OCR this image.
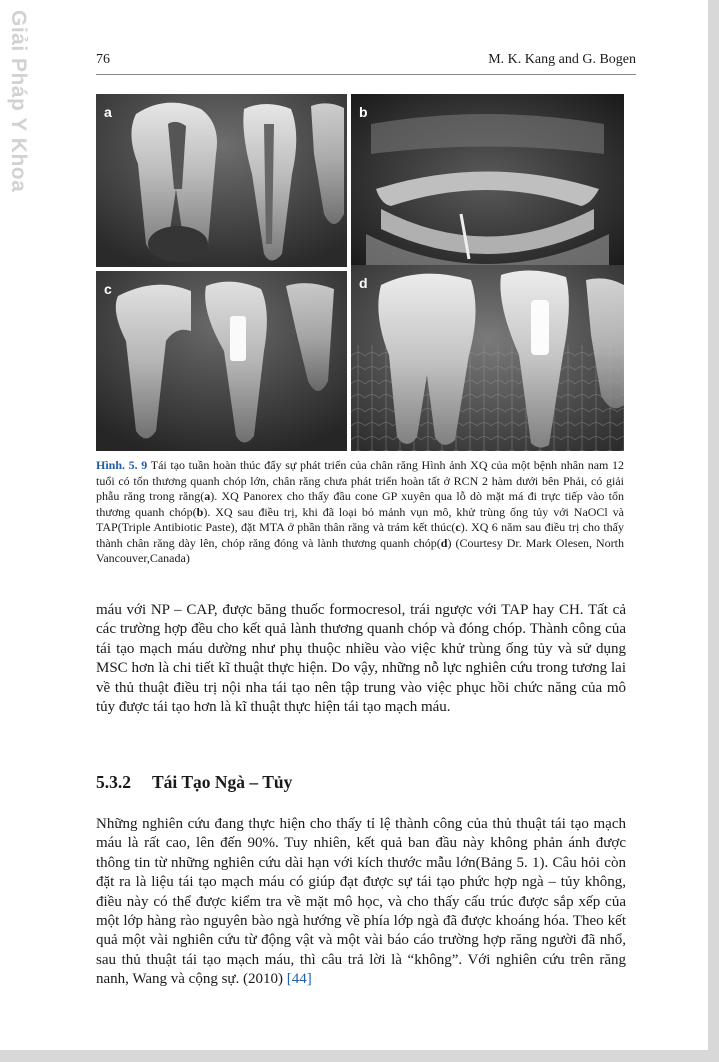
Giải Pháp Y Khoa	76	M. K. Kang and G. Bogen
a	b
c	d
Hình. 5. 9 Tái tạo tuần hoàn thúc đẩy sự phát triển của chân răng Hình ảnh XQ của một bệnh nhân nam 12 tuổi có tổn thương quanh chóp lớn, chân răng chưa phát triển hoàn tất ở RCN 2 hàm dưới bên Phải, có giải phẫu răng trong răng(a). XQ Panorex cho thấy đầu cone GP xuyên qua lỗ dò mặt má đi trực tiếp vào tổn thương quanh chóp(b). XQ sau điều trị, khi đã loại bỏ mảnh vụn mô, khử trùng ống tủy với NaOCl và TAP(Triple Antibiotic Paste), đặt MTA ở phần thân răng và trám kết thúc(c). XQ 6 năm sau điều trị cho thấy thành chân răng dày lên, chóp răng đóng và lành thương quanh chóp(d) (Courtesy Dr. Mark Olesen, North Vancouver,Canada)

máu với NP – CAP, được băng thuốc formocresol, trái ngược với TAP hay CH. Tất cả các trường hợp đều cho kết quả lành thương quanh chóp và đóng chóp. Thành công của tái tạo mạch máu dường như phụ thuộc nhiều vào việc khử trùng ống tủy và sử dụng MSC hơn là chi tiết kĩ thuật thực hiện. Do vậy, những nỗ lực nghiên cứu trong tương lai về thủ thuật điều trị nội nha tái tạo nên tập trung vào việc phục hồi chức năng của mô tủy được tái tạo hơn là kĩ thuật thực hiện tái tạo mạch máu.

5.3.2 Tái Tạo Ngà – Tủy

Những nghiên cứu đang thực hiện cho thấy tỉ lệ thành công của thủ thuật tái tạo mạch máu là rất cao, lên đến 90%. Tuy nhiên, kết quả ban đầu này không phản ánh được thông tin từ những nghiên cứu dài hạn với kích thước mẫu lớn(Bảng 5. 1). Câu hỏi còn đặt ra là liệu tái tạo mạch máu có giúp đạt được sự tái tạo phức hợp ngà – tủy không, điều này có thể được kiểm tra về mặt mô học, và cho thấy cấu trúc được sắp xếp của một lớp hàng rào nguyên bào ngà hướng về phía lớp ngà đã được khoáng hóa. Theo kết quả một vài nghiên cứu từ động vật và một vài báo cáo trường hợp răng người đã nhổ, sau thủ thuật tái tạo mạch máu, thì câu trả lời là “không”. Với nghiên cứu trên răng nanh, Wang và cộng sự. (2010) [44]
